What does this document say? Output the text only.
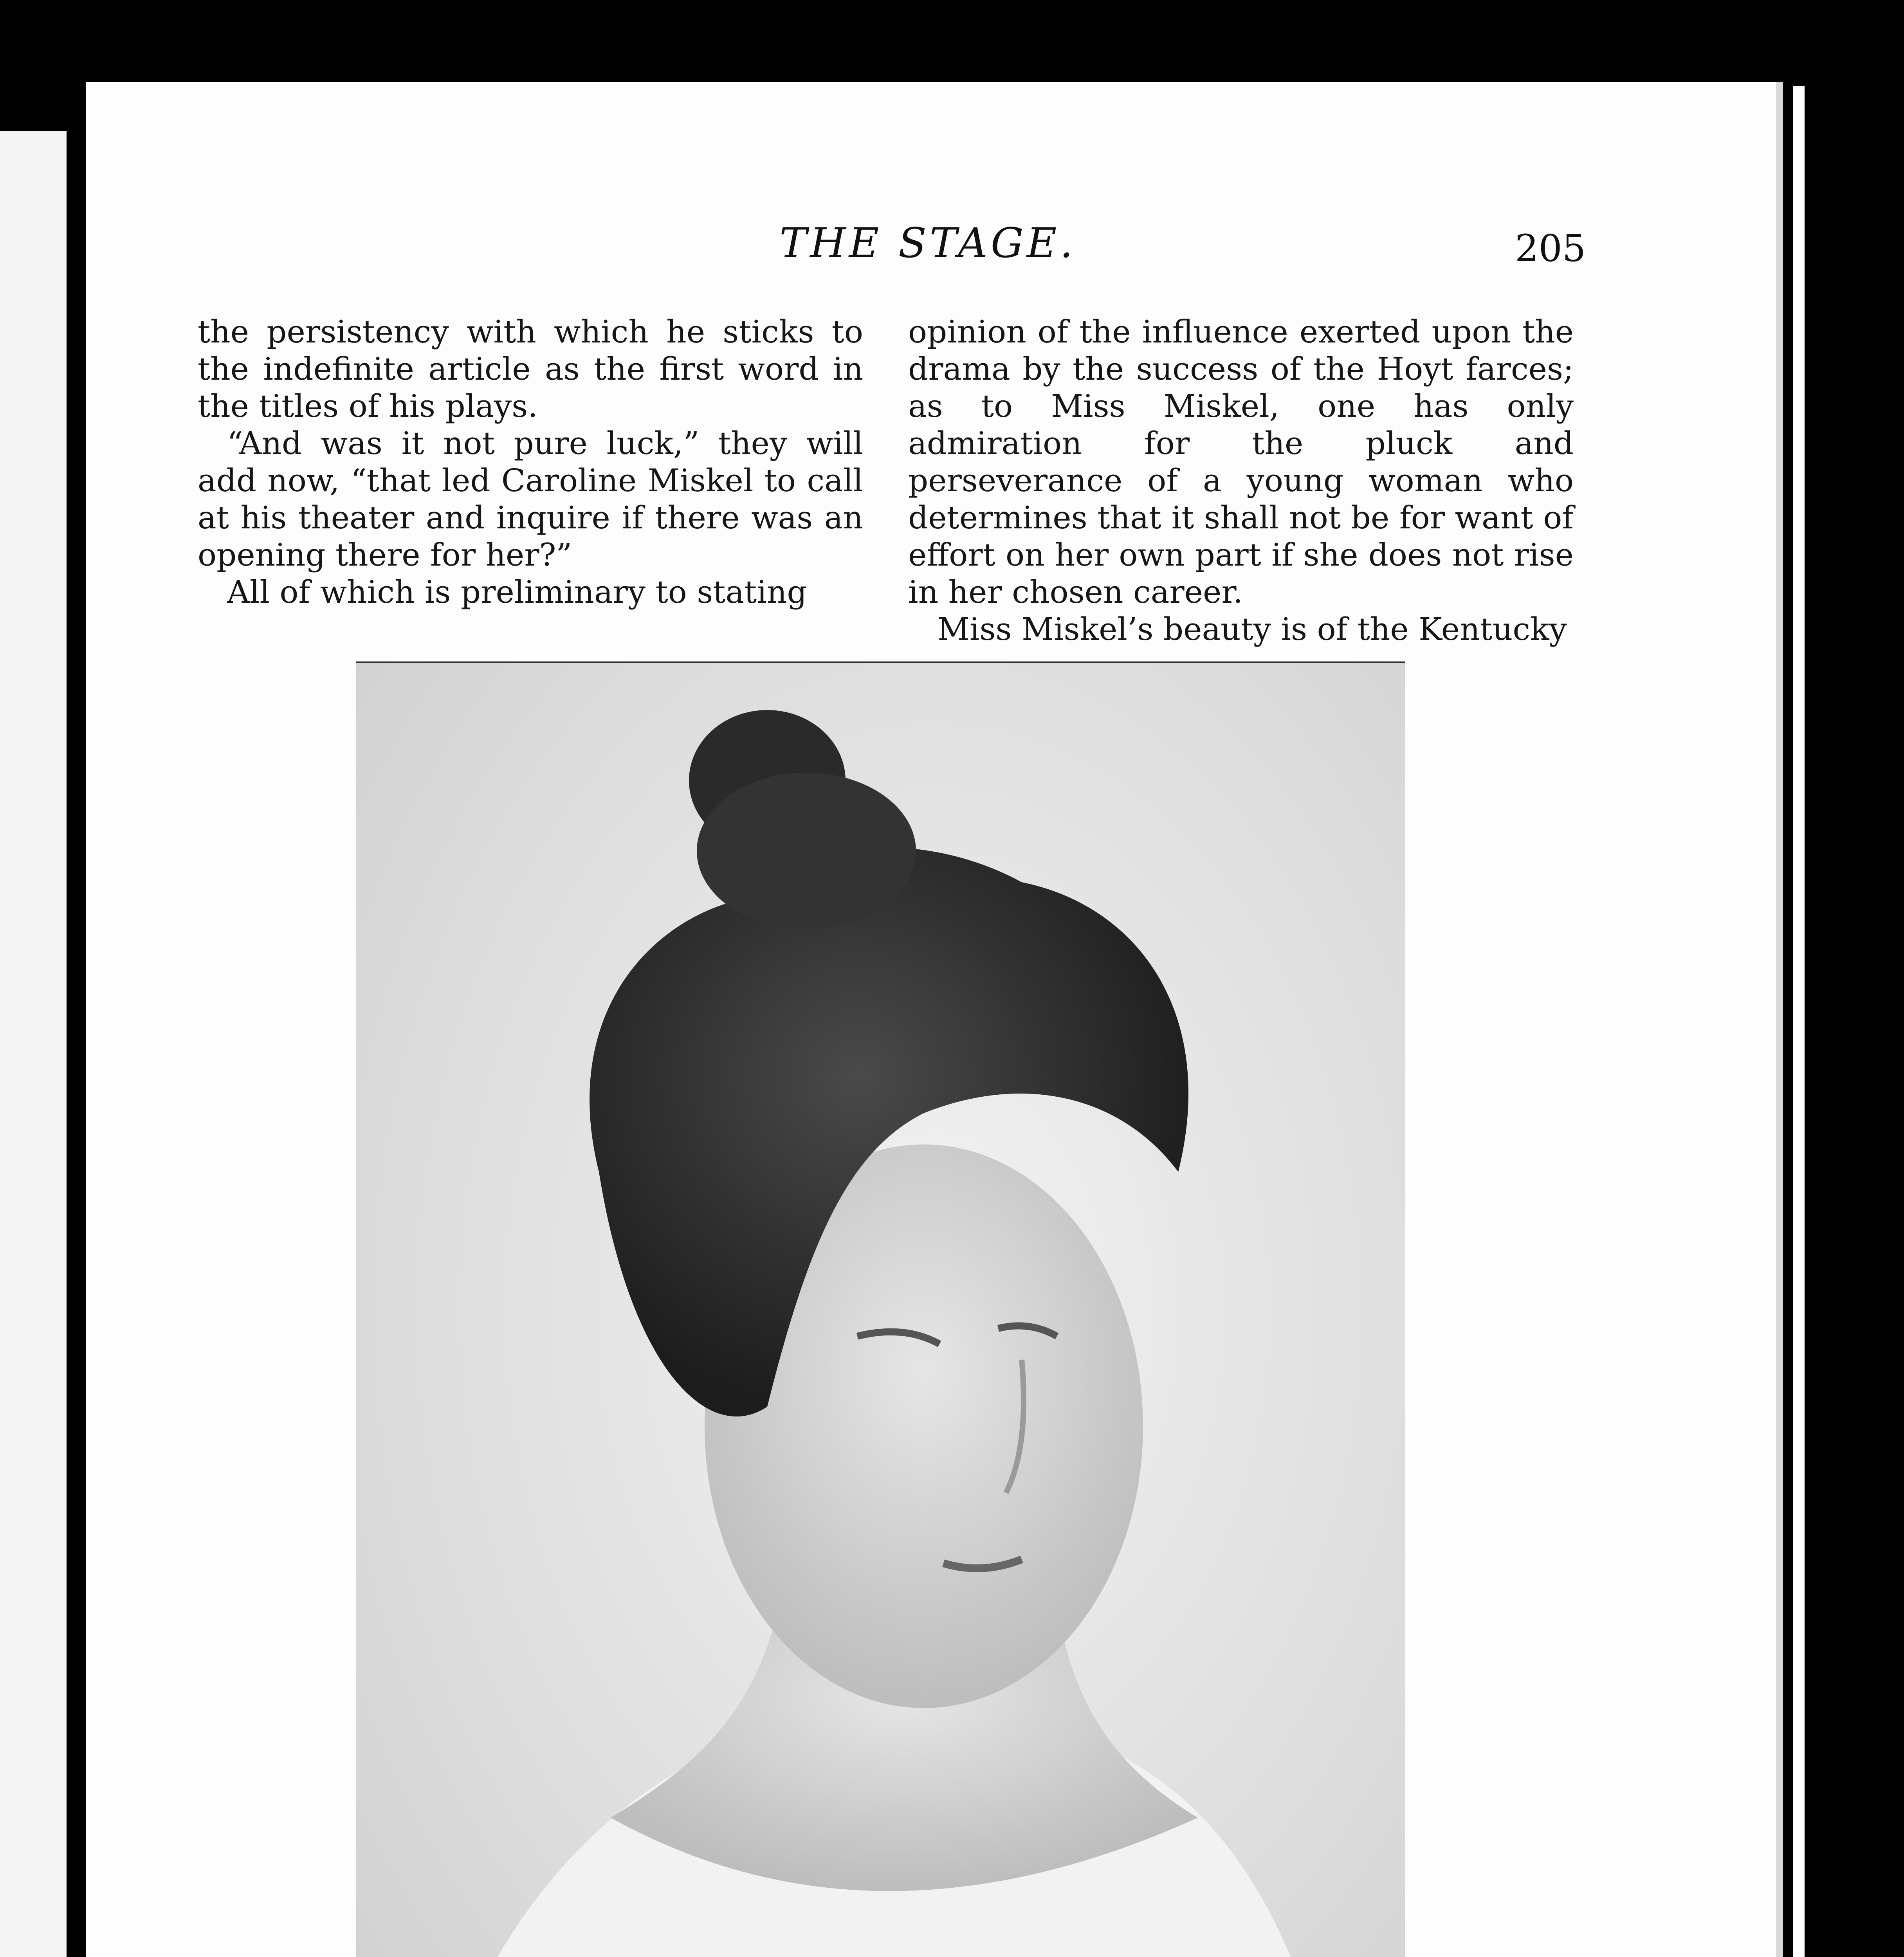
THE STAGE.	205

the persistency with which he sticks to the indefinite article as the first word in the titles of his plays.

“And was it not pure luck,” they will add now, “that led Caroline Miskel to call at his theater and inquire if there was an opening there for her?”

All of which is preliminary to stating

opinion of the influence exerted upon the drama by the success of the Hoyt farces; as to Miss Miskel, one has only admiration for the pluck and perseverance of a young woman who determines that it shall not be for want of effort on her own part if she does not rise in her chosen career.

Miss Miskel’s beauty is of the Kentucky
